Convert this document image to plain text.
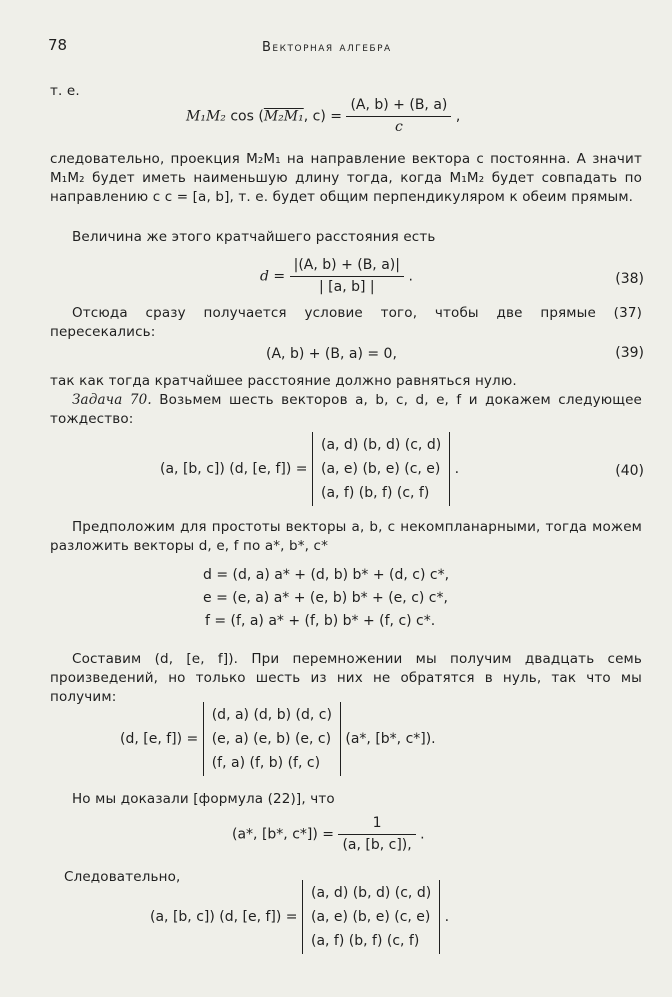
78	Векторная алгебра
т. е.
M₁M₂ cos (M₂M₁, $c) = \frac{(A, b) + (B, a)}{c}$ ,
следовательно, проекция M₂M₁ на направление вектора c постоянна. А значит M₁M₂ будет иметь наименьшую длину тогда, когда M₁M₂ будет совпадать по направлению с c = [a, b], т. е. будет общим перпендикуляром к обеим прямым.
Величина же этого кратчайшего расстояния есть
$d = \frac{|(A, b) + (B, a)|}{| [a, b] |}$ .	(38)
Отсюда сразу получается условие того, чтобы две прямые (37) пересекались:
(A, b) + (B, a) = 0,	(39)
так как тогда кратчайшее расстояние должно равняться нулю.
Задача 70. Возьмем шесть векторов a, b, c, d, e, f и докажем следующее тождество:
(a, [b, c]) (d, [e, f]) =
(a, d) (b, d) (c, d)
(a, e) (b, e) (c, e)
(a, f) (b, f) (c, f)
.	(40)
Предположим для простоты векторы a, b, c некомпланарными, тогда можем разложить векторы d, e, f по a*, b*, c*
d = (d, a) a* + (d, b) b* + (d, c) c*,
e = (e, a) a* + (e, b) b* + (e, c) c*,
f = (f, a) a* + (f, b) b* + (f, c) c*.
Составим (d, [e, f]). При перемножении мы получим двадцать семь произведений, но только шесть из них не обратятся в нуль, так что мы получим:
(d, [e, f]) =
(d, a) (d, b) (d, c)
(e, a) (e, b) (e, c)
(f, a) (f, b) (f, c)
(a*, [b*, c*]).
Но мы доказали [формула (22)], что
(a*, [b*, $c*]) = \frac{1}{(a, [b, c]),}$ .
Следовательно,
(a, [b, c]) (d, [e, f]) =
(a, d) (b, d) (c, d)
(a, e) (b, e) (c, e)
(a, f) (b, f) (c, f)
.
